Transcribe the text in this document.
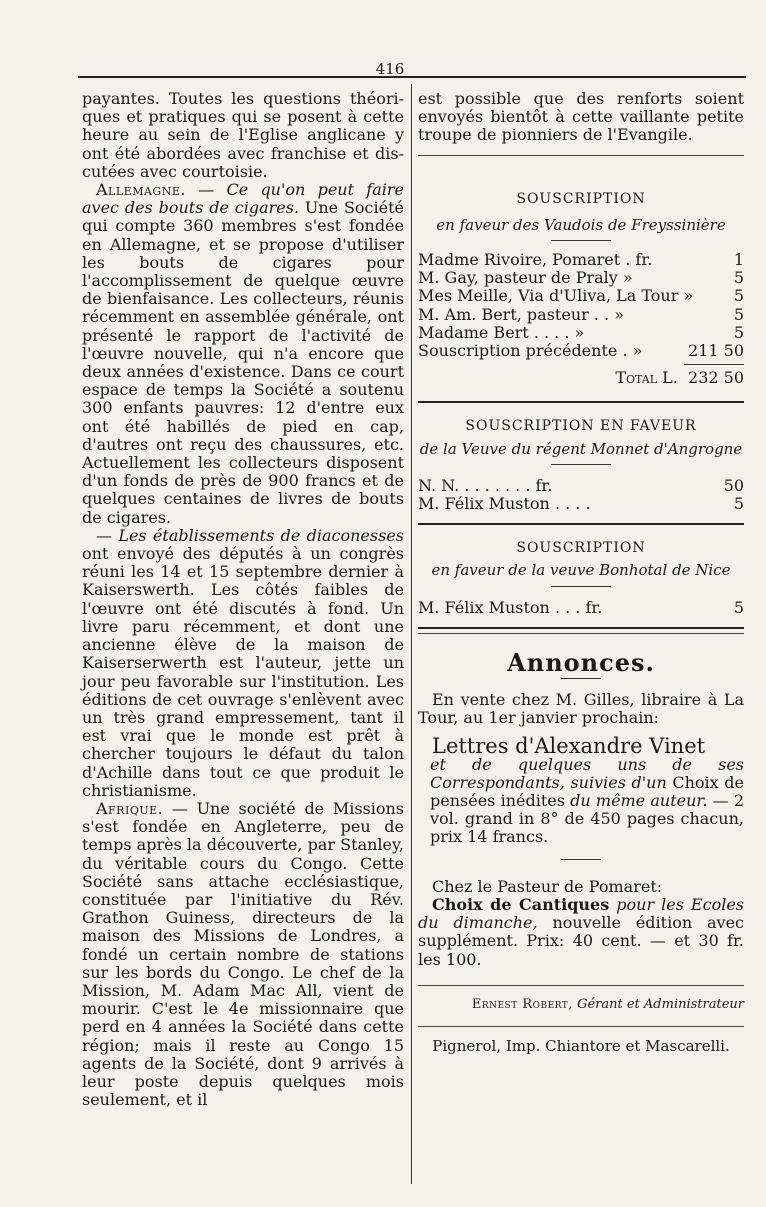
416

payantes. Toutes les questions théori- ques et pratiques qui se posent à cette heure au sein de l'Eglise anglicane y ont été abordées avec franchise et dis- cutées avec courtoisie.

Allemagne. — Ce qu'on peut faire avec des bouts de cigares. Une Société qui compte 360 membres s'est fondée en Allemagne, et se propose d'utiliser les bouts de cigares pour l'accomplissement de quelque œuvre de bienfaisance. Les collecteurs, réunis récemment en assemblée générale, ont présenté le rapport de l'activité de l'œuvre nouvelle, qui n'a encore que deux années d'existence. Dans ce court espace de temps la Société a soutenu 300 enfants pauvres: 12 d'entre eux ont été habillés de pied en cap, d'autres ont reçu des chaussures, etc. Actuellement les collecteurs disposent d'un fonds de près de 900 francs et de quelques centaines de livres de bouts de cigares.

— Les établissements de diaconesses ont envoyé des députés à un congrès réuni les 14 et 15 septembre dernier à Kaiserswerth. Les côtés faibles de l'œuvre ont été discutés à fond. Un livre paru récemment, et dont une ancienne élève de la maison de Kaiserserwerth est l'auteur, jette un jour peu favorable sur l'institution. Les éditions de cet ouvrage s'enlèvent avec un très grand empressement, tant il est vrai que le monde est prêt à chercher toujours le défaut du talon d'Achille dans tout ce que produit le christianisme.

Afrique. — Une société de Missions s'est fondée en Angleterre, peu de temps après la découverte, par Stanley, du véritable cours du Congo. Cette Société sans attache ecclésiastique, constituée par l'initiative du Rév. Grathon Guiness, directeurs de la maison des Missions de Londres, a fondé un certain nombre de stations sur les bords du Congo. Le chef de la Mission, M. Adam Mac All, vient de mourir. C'est le 4e missionnaire que perd en 4 années la Société dans cette région; mais il reste au Congo 15 agents de la Société, dont 9 arrivés à leur poste depuis quelques mois seulement, et il

est possible que des renforts soient envoyés bientôt à cette vaillante petite troupe de pionniers de l'Evangile.

SOUSCRIPTION
en faveur des Vaudois de Freyssinière
Madme Rivoire, Pomaret . fr.	1
M. Gay, pasteur de Praly »	5
Mes Meille, Via d'Uliva, La Tour »	5
M. Am. Bert, pasteur . . »	5
Madame Bert . . . . »	5
Souscription précédente . »	211 50
Total L. 232 50
SOUSCRIPTION EN FAVEUR
de la Veuve du régent Monnet d'Angrogne
N. N. . . . . . . . fr.	50
M. Félix Muston . . . .	5
SOUSCRIPTION
en faveur de la veuve Bonhotal de Nice
M. Félix Muston . . . fr.	5
Annonces.

En vente chez M. Gilles, libraire à La Tour, au 1er janvier prochain:

Lettres d'Alexandre Vinet

et de quelques uns de ses Correspondants, suivies d'un Choix de pensées inédites du même auteur. — 2 vol. grand in 8° de 450 pages chacun, prix 14 francs.

Chez le Pasteur de Pomaret:

Choix de Cantiques pour les Ecoles du dimanche, nouvelle édition avec supplément. Prix: 40 cent. — et 30 fr. les 100.

Ernest Robert, Gérant et Administrateur
Pignerol, Imp. Chiantore et Mascarelli.
